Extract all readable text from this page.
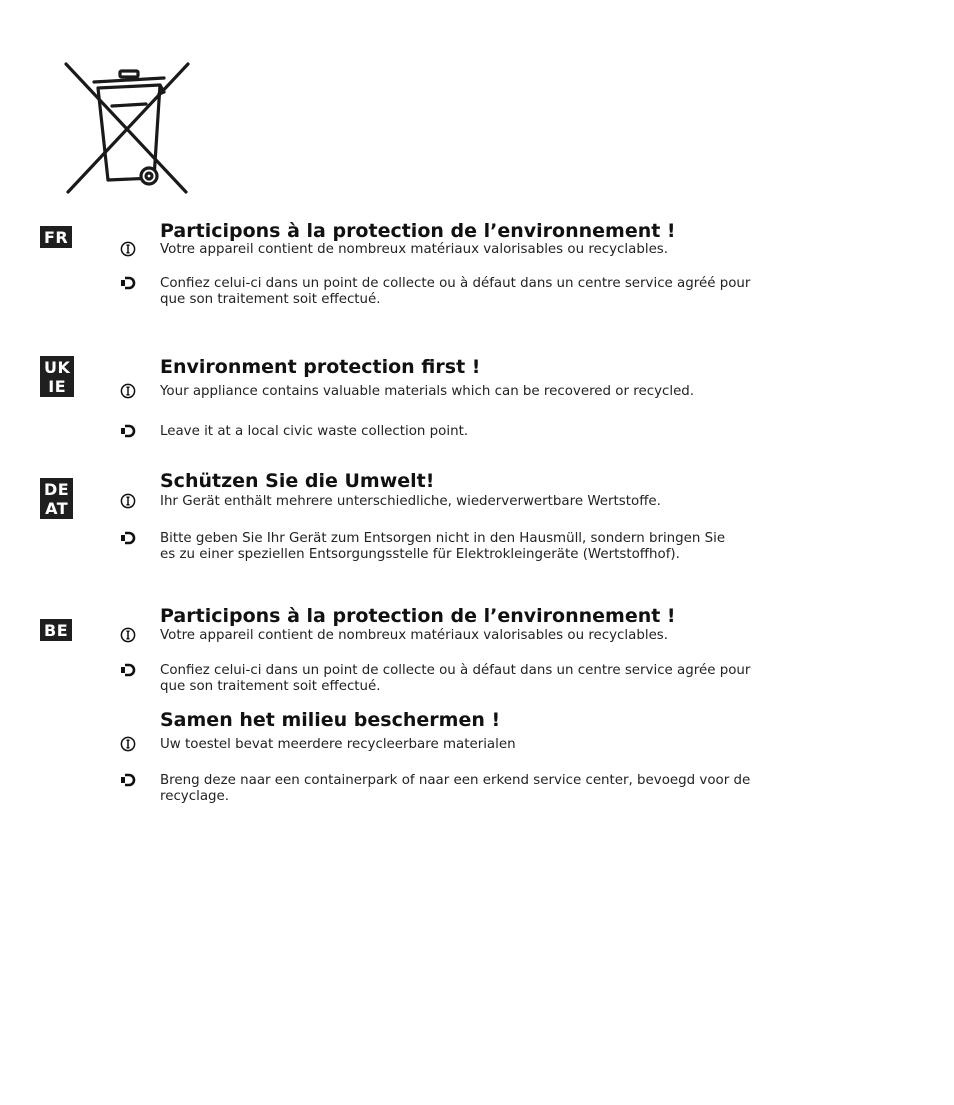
FR	Participons à la protection de l’environnement !
Votre appareil contient de nombreux matériaux valorisables ou recyclables.
Confiez celui-ci dans un point de collecte ou à défaut dans un centre service agréé pour
que son traitement soit effectué.
UK
IE
Environment protection first !
Your appliance contains valuable materials which can be recovered or recycled.
Leave it at a local civic waste collection point.
DE
AT
Schützen Sie die Umwelt!
Ihr Gerät enthält mehrere unterschiedliche, wiederverwertbare Wertstoffe.
Bitte geben Sie Ihr Gerät zum Entsorgen nicht in den Hausmüll, sondern bringen Sie
es zu einer speziellen Entsorgungsstelle für Elektrokleingeräte (Wertstoffhof).
BE
Participons à la protection de l’environnement !
Votre appareil contient de nombreux matériaux valorisables ou recyclables.
Confiez celui-ci dans un point de collecte ou à défaut dans un centre service agrée pour
que son traitement soit effectué.
Samen het milieu beschermen !
Uw toestel bevat meerdere recycleerbare materialen
Breng deze naar een containerpark of naar een erkend service center, bevoegd voor de
recyclage.
